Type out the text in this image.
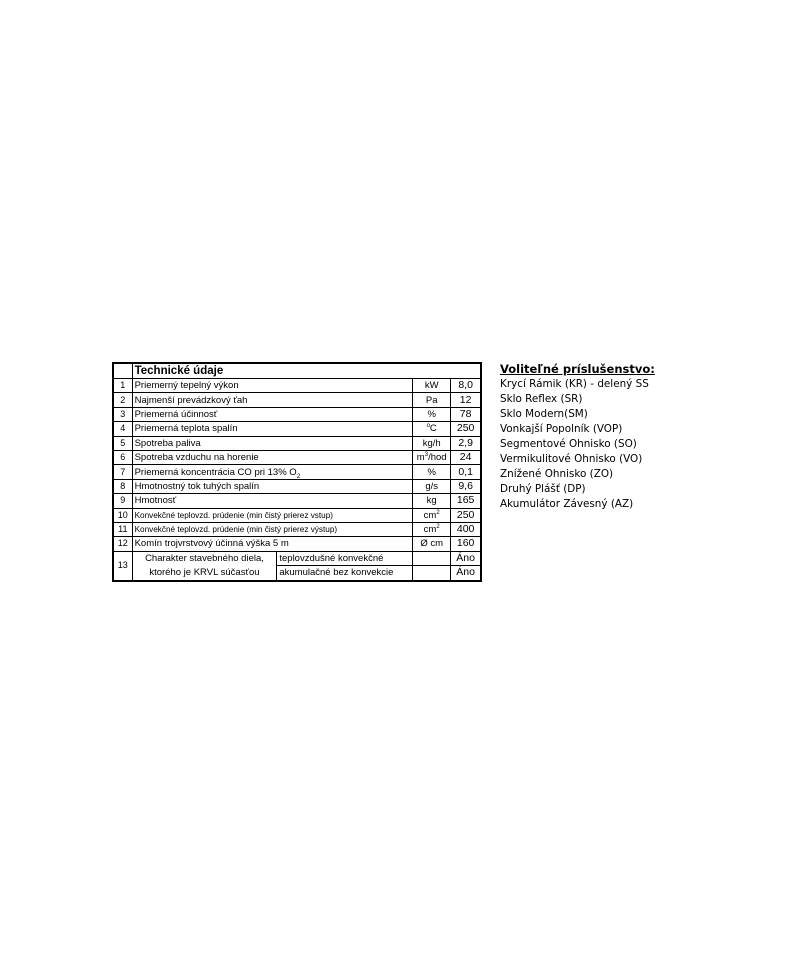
	Technické údaje			
1	Priemerný tepelný výkon		kW	8,0
2	Najmenší prevádzkový ťah		Pa	12
3	Priemerná účinnosť		%	78
4	Priemerná teplota spalín		$^o$C	250
5	Spotreba paliva		kg/h	2,9
6	Spotreba vzduchu na horenie		$m^3$/hod	24
7	Priemerná koncentrácia CO pri 13% $O_2$		%	0,1
8	Hmotnostný tok tuhých spalín		g/s	9,6
9	Hmotnosť		kg	165
10	Konvekčné teplovzd. prúdenie (min čistý prierez vstup)		$cm^2$	250
11	Konvekčné teplovzd. prúdenie (min čistý prierez výstup)		$cm^2$	400
12	Komín trojvrstvový účinná výška 5 m		Ø cm	160
13	Charakter stavebného diela,
ktorého je KRVL súčasťou	teplovzdušné konvekčné		Áno
		akumulačné bez konvekcie		Áno
Voliteľné príslušenstvo:
Krycí Rámik (KR) - delený SS
Sklo Reflex (SR)
Sklo Modern(SM)
Vonkajší Popolník (VOP)
Segmentové Ohnisko (SO)
Vermikulitové Ohnisko (VO)
Znížené Ohnisko (ZO)
Druhý Plášť (DP)
Akumulátor Závesný (AZ)
